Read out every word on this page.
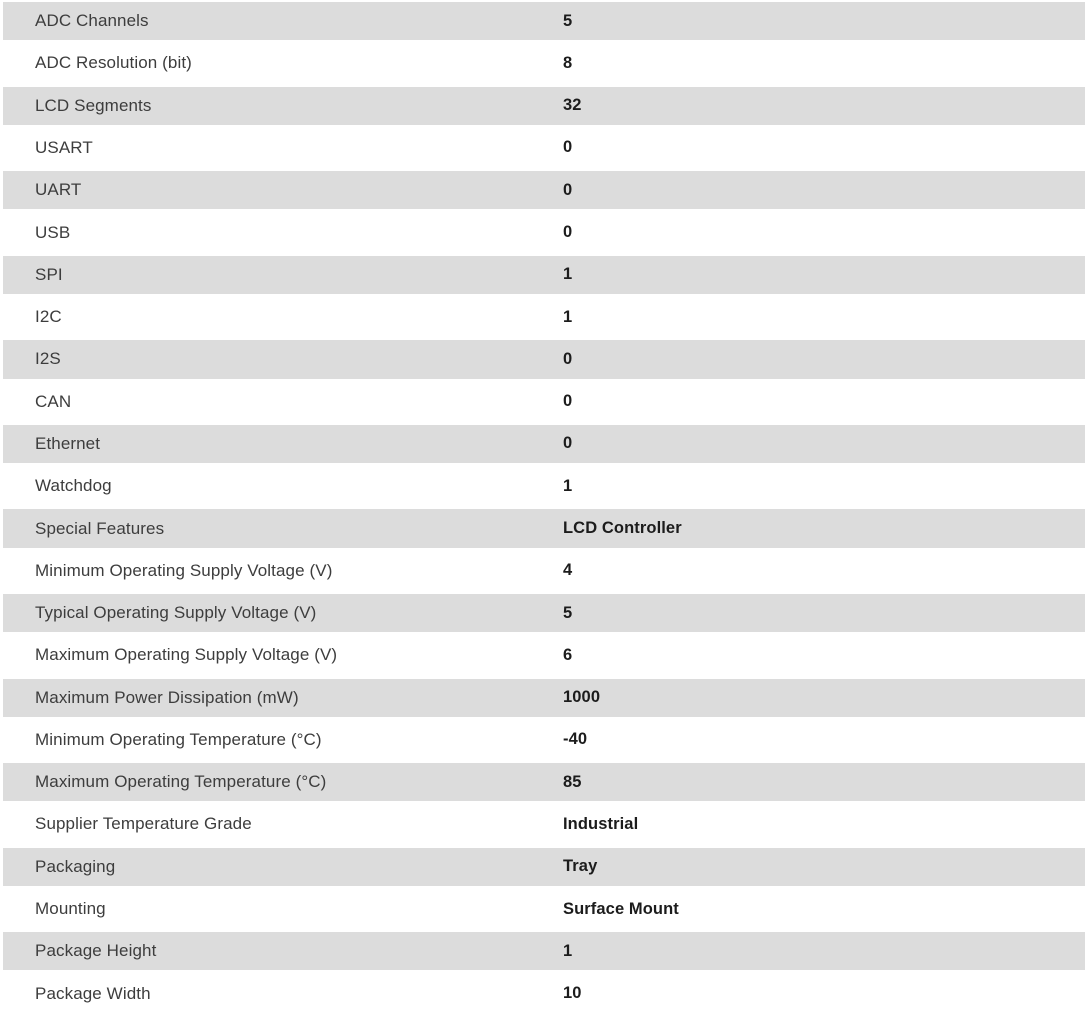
ADC Channels	5
ADC Resolution (bit)	8
LCD Segments	32
USART	0
UART	0
USB	0
SPI	1
I2C	1
I2S	0
CAN	0
Ethernet	0
Watchdog	1
Special Features	LCD Controller
Minimum Operating Supply Voltage (V)	4
Typical Operating Supply Voltage (V)	5
Maximum Operating Supply Voltage (V)	6
Maximum Power Dissipation (mW)	1000
Minimum Operating Temperature (°C)	-40
Maximum Operating Temperature (°C)	85
Supplier Temperature Grade	Industrial
Packaging	Tray
Mounting	Surface Mount
Package Height	1
Package Width	10
